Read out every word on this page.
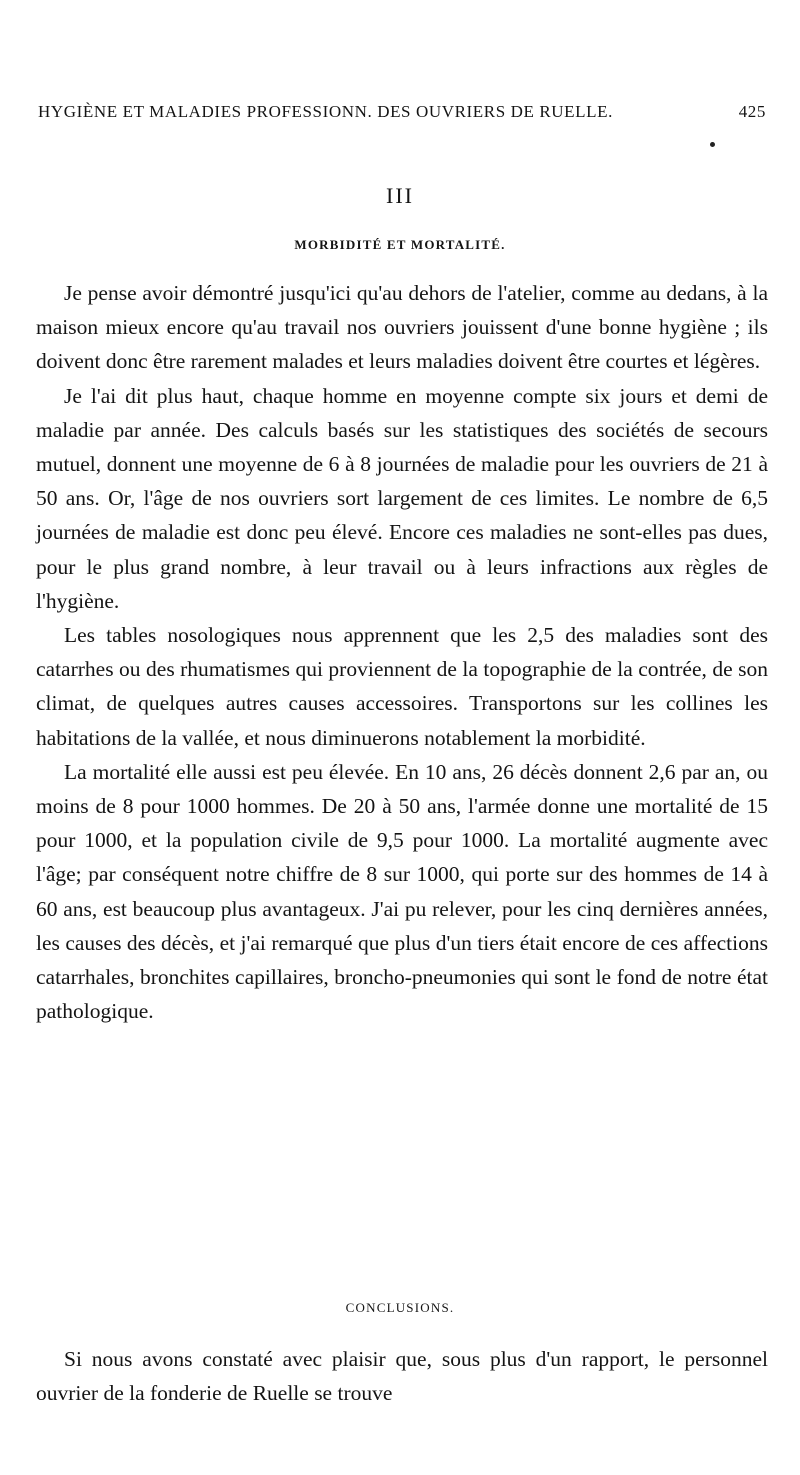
HYGIÈNE ET MALADIES PROFESSIONN. DES OUVRIERS DE RUELLE.	425
III
MORBIDITÉ ET MORTALITÉ.

Je pense avoir démontré jusqu'ici qu'au dehors de l'atelier, comme au dedans, à la maison mieux encore qu'au travail nos ouvriers jouissent d'une bonne hygiène ; ils doivent donc être rarement malades et leurs maladies doivent être courtes et légères.

Je l'ai dit plus haut, chaque homme en moyenne compte six jours et demi de maladie par année. Des calculs basés sur les statistiques des sociétés de secours mutuel, donnent une moyenne de 6 à 8 journées de maladie pour les ouvriers de 21 à 50 ans. Or, l'âge de nos ouvriers sort largement de ces limites. Le nombre de 6,5 journées de maladie est donc peu élevé. Encore ces maladies ne sont-elles pas dues, pour le plus grand nombre, à leur travail ou à leurs infractions aux règles de l'hygiène.

Les tables nosologiques nous apprennent que les 2,5 des maladies sont des catarrhes ou des rhumatismes qui proviennent de la topographie de la contrée, de son climat, de quelques autres causes accessoires. Transportons sur les collines les habitations de la vallée, et nous diminuerons notablement la morbidité.

La mortalité elle aussi est peu élevée. En 10 ans, 26 décès donnent 2,6 par an, ou moins de 8 pour 1000 hommes. De 20 à 50 ans, l'armée donne une mortalité de 15 pour 1000, et la population civile de 9,5 pour 1000. La mortalité augmente avec l'âge; par conséquent notre chiffre de 8 sur 1000, qui porte sur des hommes de 14 à 60 ans, est beaucoup plus avantageux. J'ai pu relever, pour les cinq dernières années, les causes des décès, et j'ai remarqué que plus d'un tiers était encore de ces affections catarrhales, bronchites capillaires, broncho-pneumonies qui sont le fond de notre état pathologique.

CONCLUSIONS.

Si nous avons constaté avec plaisir que, sous plus d'un rapport, le personnel ouvrier de la fonderie de Ruelle se trouve
